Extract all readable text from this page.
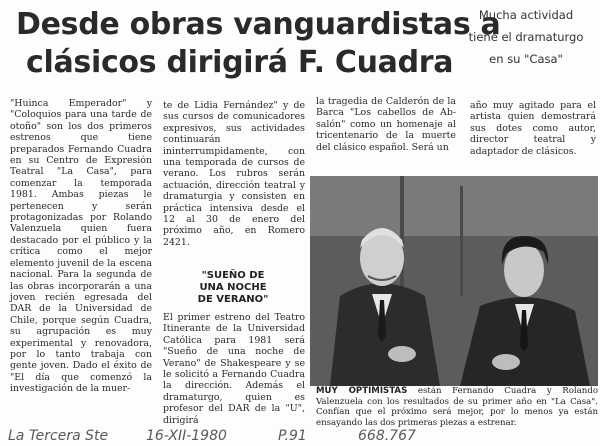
Desde obras vanguardistas a
clásicos dirigirá F. Cuadra
Mucha actividad
tiene el dramaturgo
en su "Casa"

"Huinca Emperador" y "Coloquios para una tarde de otoño" son los dos primeros estrenos que tiene preparados Fernando Cuadra en su Centro de Expresión Teatral "La Casa", para comenzar la temporada 1981. Ambas piezas le pertenecen y serán protagonizadas por Rolando Valenzuela quien fuera destacado por el público y la crítica como el mejor elemento juvenil de la escena nacional. Para la segunda de las obras incorporarán a una joven recién egresada del DAR de la Universidad de Chile, porque según Cuadra, su agrupación es muy experimental y renovadora, por lo tanto trabaja con gente joven. Dado el éxito de "El día que comenzó la investigación de la muer-

te de Lidia Fernández" y de sus cursos de comunicadores expresivos, sus actividades continuarán ininterrumpidamente, con una temporada de cursos de verano. Los rubros serán actuación, dirección teatral y dramaturgia y consisten en práctica intensiva desde el 12 al 30 de enero del próximo año, en Romero 2421.

"SUEÑO DE
UNA NOCHE
DE VERANO"

El primer estreno del Teatro Itinerante de la Universidad Católica para 1981 será "Sueño de una noche de Verano" de Shakespeare y se le solicitó a Fernando Cuadra la dirección. Además el dramaturgo, quien es profesor del DAR de la "U", dirigirá

la tragedia de Calderón de la Barca "Los cabellos de Ab-salón" como un homenaje al tricentenario de la muerte del clásico español. Será un

año muy agitado para el artista quien demostrará sus dotes como autor, director teatral y adaptador de clásicos.

MUY OPTIMISTAS están Fernando Cuadra y Rolando Valenzuela con los resultados de su primer año en "La Casa". Confían que el próximo será mejor, por lo menos ya están ensayando las dos primeras piezas a estrenar.
La Tercera Ste	16-XII-1980	P.91	668.767
